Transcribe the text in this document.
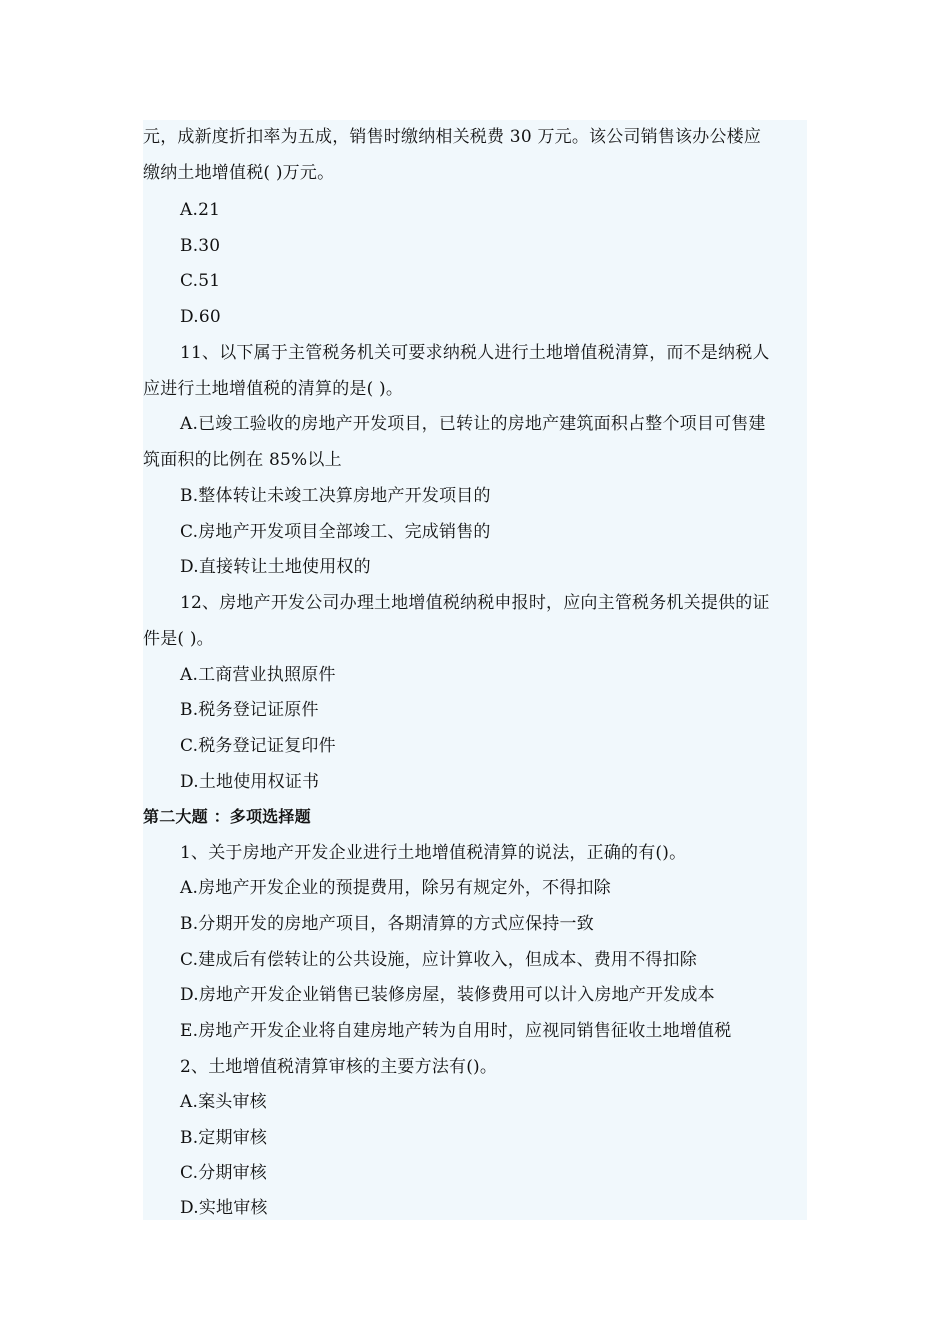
元，成新度折扣率为五成，销售时缴纳相关税费 30 万元。该公司销售该办公楼应
缴纳土地增值税( )万元。
A.21
B.30
C.51
D.60
11、以下属于主管税务机关可要求纳税人进行土地增值税清算，而不是纳税人
应进行土地增值税的清算的是( )。
A.已竣工验收的房地产开发项目，已转让的房地产建筑面积占整个项目可售建
筑面积的比例在 85%以上
B.整体转让未竣工决算房地产开发项目的
C.房地产开发项目全部竣工、完成销售的
D.直接转让土地使用权的
12、房地产开发公司办理土地增值税纳税申报时，应向主管税务机关提供的证
件是( )。
A.工商营业执照原件
B.税务登记证原件
C.税务登记证复印件
D.土地使用权证书
第二大题 ：多项选择题
1、关于房地产开发企业进行土地增值税清算的说法，正确的有()。
A.房地产开发企业的预提费用，除另有规定外，不得扣除
B.分期开发的房地产项目，各期清算的方式应保持一致
C.建成后有偿转让的公共设施，应计算收入，但成本、费用不得扣除
D.房地产开发企业销售已装修房屋，装修费用可以计入房地产开发成本
E.房地产开发企业将自建房地产转为自用时，应视同销售征收土地增值税
2、土地增值税清算审核的主要方法有()。
A.案头审核
B.定期审核
C.分期审核
D.实地审核
